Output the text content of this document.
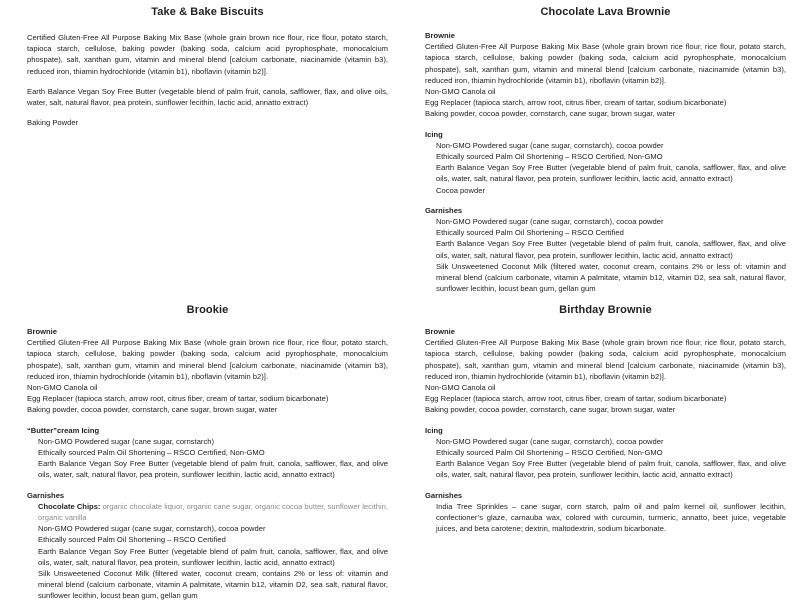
Take & Bake Biscuits

Certified Gluten-Free All Purpose Baking Mix Base (whole grain brown rice flour, rice flour, potato starch, tapioca starch, cellulose, baking powder (baking soda, calcium acid pyrophosphate, monocalcium phospate), salt, xanthan gum, vitamin and mineral blend [calcium carbonate, niacinamide (vitamin b3), reduced iron, thiamin hydrochloride (vitamin b1), riboflavin (vitamin b2)].

Earth Balance Vegan Soy Free Butter (vegetable blend of palm fruit, canola, safflower, flax, and olive oils, water, salt, natural flavor, pea protein, sunflower lecithin, lactic acid, annatto extract)

Baking Powder

Chocolate Lava Brownie
Brownie

Certified Gluten-Free All Purpose Baking Mix Base (whole grain brown rice flour, rice flour, potato starch, tapioca starch, cellulose, baking powder (baking soda, calcium acid pyrophosphate, monocalcium phospate), salt, xanthan gum, vitamin and mineral blend [calcium carbonate, niacinamide (vitamin b3), reduced iron, thiamin hydrochloride (vitamin b1), riboflavin (vitamin b2)].

Non-GMO Canola oil

Egg Replacer (tapioca starch, arrow root, citrus fiber, cream of tartar, sodium bicarbonate)

Baking powder, cocoa powder, cornstarch, cane sugar, brown sugar, water

Icing

Non-GMO Powdered sugar (cane sugar, cornstarch), cocoa powder

Ethically sourced Palm Oil Shortening – RSCO Certified, Non-GMO

Earth Balance Vegan Soy Free Butter (vegetable blend of palm fruit, canola, safflower, flax, and olive oils, water, salt, natural flavor, pea protein, sunflower lecithin, lactic acid, annatto extract)

Cocoa powder

Garnishes

Non-GMO Powdered sugar (cane sugar, cornstarch), cocoa powder

Ethically sourced Palm Oil Shortening – RSCO Certified

Earth Balance Vegan Soy Free Butter (vegetable blend of palm fruit, canola, safflower, flax, and olive oils, water, salt, natural flavor, pea protein, sunflower lecithin, lactic acid, annatto extract)

Silk Unsweetened Coconut Milk (filtered water, coconut cream, contains 2% or less of: vitamin and mineral blend (calcium carbonate, vitamin A palmitate, vitamin b12, vitamin D2, sea salt, natural flavor, sunflower lecithin, locust bean gum, gellan gum

Brookie
Brownie

Certified Gluten-Free All Purpose Baking Mix Base (whole grain brown rice flour, rice flour, potato starch, tapioca starch, cellulose, baking powder (baking soda, calcium acid pyrophosphate, monocalcium phospate), salt, xanthan gum, vitamin and mineral blend [calcium carbonate, niacinamide (vitamin b3), reduced iron, thiamin hydrochloride (vitamin b1), riboflavin (vitamin b2)].

Non-GMO Canola oil

Egg Replacer (tapioca starch, arrow root, citrus fiber, cream of tartar, sodium bicarbonate)

Baking powder, cocoa powder, cornstarch, cane sugar, brown sugar, water

“Butter”cream Icing

Non-GMO Powdered sugar (cane sugar, cornstarch)

Ethically sourced Palm Oil Shortening – RSCO Certified, Non-GMO

Earth Balance Vegan Soy Free Butter (vegetable blend of palm fruit, canola, safflower, flax, and olive oils, water, salt, natural flavor, pea protein, sunflower lecithin, lactic acid, annatto extract)

Garnishes

Chocolate Chips: organic chocolate liquor, organic cane sugar, organic cocoa butter, sunflower lecithin, organic vanilla

Non-GMO Powdered sugar (cane sugar, cornstarch), cocoa powder

Ethically sourced Palm Oil Shortening – RSCO Certified

Earth Balance Vegan Soy Free Butter (vegetable blend of palm fruit, canola, safflower, flax, and olive oils, water, salt, natural flavor, pea protein, sunflower lecithin, lactic acid, annatto extract)

Silk Unsweetened Coconut Milk (filtered water, coconut cream, contains 2% or less of: vitamin and mineral blend (calcium carbonate, vitamin A palmitate, vitamin b12, vitamin D2, sea salt, natural flavor, sunflower lecithin, locust bean gum, gellan gum

Birthday Brownie
Brownie

Certified Gluten-Free All Purpose Baking Mix Base (whole grain brown rice flour, rice flour, potato starch, tapioca starch, cellulose, baking powder (baking soda, calcium acid pyrophosphate, monocalcium phospate), salt, xanthan gum, vitamin and mineral blend [calcium carbonate, niacinamide (vitamin b3), reduced iron, thiamin hydrochloride (vitamin b1), riboflavin (vitamin b2)].

Non-GMO Canola oil

Egg Replacer (tapioca starch, arrow root, citrus fiber, cream of tartar, sodium bicarbonate)

Baking powder, cocoa powder, cornstarch, cane sugar, brown sugar, water

Icing

Non-GMO Powdered sugar (cane sugar, cornstarch), cocoa powder

Ethically sourced Palm Oil Shortening – RSCO Certified, Non-GMO

Earth Balance Vegan Soy Free Butter (vegetable blend of palm fruit, canola, safflower, flax, and olive oils, water, salt, natural flavor, pea protein, sunflower lecithin, lactic acid, annatto extract)

Garnishes

India Tree Sprinkles – cane sugar, corn starch, palm oil and palm kernel oil, sunflower lecithin, confectioner’s glaze, carnauba wax, colored with curcumin, turmeric, annatto, beet juice, vegetable juices, and beta carotene; dextrin, maltodextrin, sodium bicarbonate.
